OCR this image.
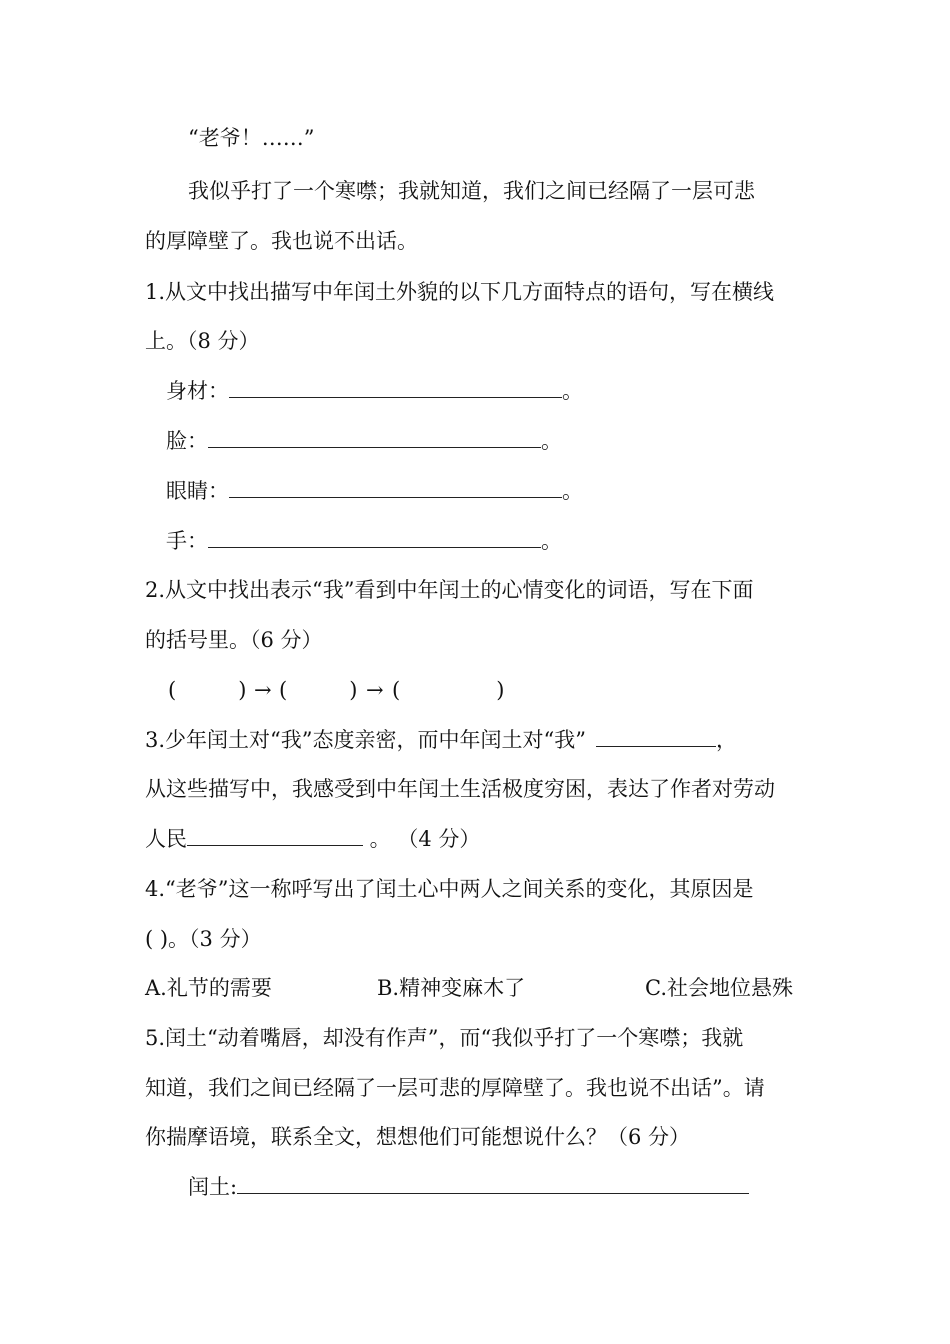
“老爷！……”
我似乎打了一个寒噤；我就知道，我们之间已经隔了一层可悲
的厚障壁了。我也说不出话。
1.从文中找出描写中年闰土外貌的以下几方面特点的语句，写在横线
上。（8 分）
身材：	。
脸：	。
眼睛：	。
手：	。
2.从文中找出表示“我”看到中年闰土的心情变化的词语，写在下面
的括号里。（6 分）
(	) → (	) → (	)
3.少年闰土对“我”态度亲密，而中年闰土对“我”	，
从这些描写中，我感受到中年闰土生活极度穷困，表达了作者对劳动
人民	。 （4 分）
4.“老爷”这一称呼写出了闰土心中两人之间关系的变化，其原因是
( )。（3 分）
A.礼节的需要	B.精神变麻木了	C.社会地位悬殊
5.闰土“动着嘴唇，却没有作声”，而“我似乎打了一个寒噤；我就
知道，我们之间已经隔了一层可悲的厚障壁了。我也说不出话”。请
你揣摩语境，联系全文，想想他们可能想说什么？（6 分）
闰土:
